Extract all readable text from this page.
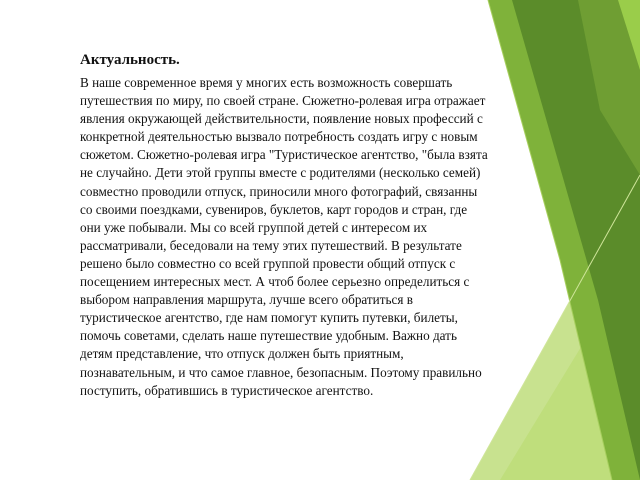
Актуальность.

В наше современное время у многих есть возможность совершать путешествия по миру, по своей стране. Сюжетно-ролевая игра отражает явления окружающей действительности, появление новых профессий с конкретной деятельностью вызвало потребность создать игру с новым сюжетом. Сюжетно-ролевая игра "Туристическое агентство, "была взята не случайно. Дети этой группы вместе с родителями (несколько семей) совместно проводили отпуск, приносили много фотографий, связанны со своими поездками, сувениров, буклетов, карт городов и стран, где они уже побывали. Мы со всей группой детей с интересом их рассматривали, беседовали на тему этих путешествий. В результате решено было совместно со всей группой провести общий отпуск с посещением интересных мест. А чтоб более серьезно определиться с выбором направления маршрута, лучше всего обратиться в туристическое агентство, где нам помогут купить путевки, билеты, помочь советами, сделать наше путешествие удобным. Важно дать детям представление, что отпуск должен быть приятным, познавательным, и что самое главное, безопасным. Поэтому правильно поступить, обратившись в туристическое агентство.
